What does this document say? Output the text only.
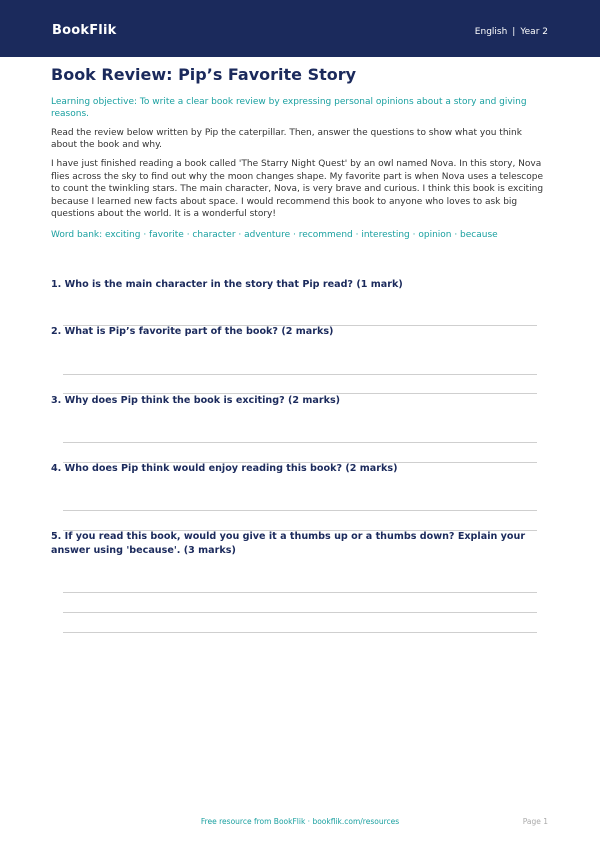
BookFlik	English | Year 2
Book Review: Pip’s Favorite Story
Learning objective: To write a clear book review by expressing personal opinions about a story and giving reasons.
Read the review below written by Pip the caterpillar. Then, answer the questions to show what you think about the book and why.
I have just finished reading a book called 'The Starry Night Quest' by an owl named Nova. In this story, Nova flies across the sky to find out why the moon changes shape. My favorite part is when Nova uses a telescope to count the twinkling stars. The main character, Nova, is very brave and curious. I think this book is exciting because I learned new facts about space. I would recommend this book to anyone who loves to ask big questions about the world. It is a wonderful story!
Word bank: exciting · favorite · character · adventure · recommend · interesting · opinion · because
1. Who is the main character in the story that Pip read? (1 mark)
2. What is Pip’s favorite part of the book? (2 marks)
3. Why does Pip think the book is exciting? (2 marks)
4. Who does Pip think would enjoy reading this book? (2 marks)
5. If you read this book, would you give it a thumbs up or a thumbs down? Explain your answer using 'because'. (3 marks)
Free resource from BookFlik · bookflik.com/resources	Page 1
